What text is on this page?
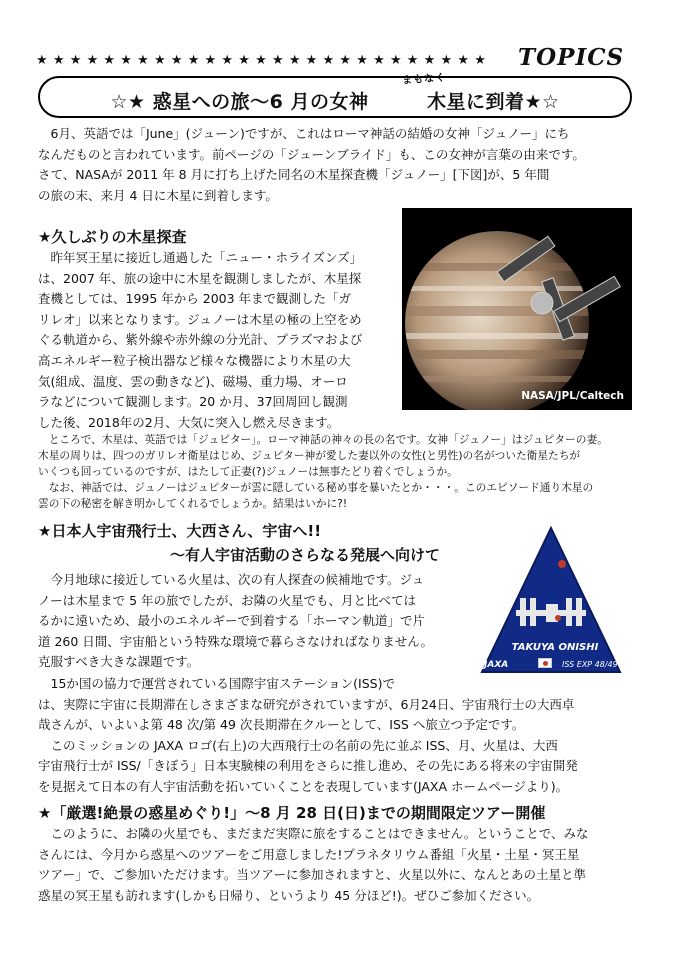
★★★★★★★★★★★★★★★★★★★★★★★★★★★	TOPICS
まもなく
☆★ 惑星への旅～6 月の女神　　　木星に到着★☆
　6月、英語では「June」(ジューン)ですが、これはローマ神話の結婚の女神「ジュノー」にち
なんだものと言われています。前ページの「ジューンブライド」も、この女神が言葉の由来です。
さて、NASAが 2011 年 8 月に打ち上げた同名の木星探査機「ジュノー」[下図]が、5 年間
の旅の末、来月 4 日に木星に到着します。
★久しぶりの木星探査
　昨年冥王星に接近し通過した「ニュー・ホライズンズ」
は、2007 年、旅の途中に木星を観測しましたが、木星探
査機としては、1995 年から 2003 年まで観測した「ガ
リレオ」以来となります。ジュノーは木星の極の上空をめ
ぐる軌道から、紫外線や赤外線の分光計、プラズマおよび
高エネルギー粒子検出器など様々な機器により木星の大
気(組成、温度、雲の動きなど)、磁場、重力場、オーロ
ラなどについて観測します。20 か月、37回周回し観測
した後、2018年の2月、大気に突入し燃え尽きます。
NASA/JPL/Caltech
　ところで、木星は、英語では「ジュピター」。ローマ神話の神々の長の名です。女神「ジュノー」はジュピターの妻。
木星の周りは、四つのガリレオ衛星はじめ、ジュピター神が愛した妻以外の女性(と男性)の名がついた衛星たちが
いくつも回っているのですが、はたして正妻(?)ジュノーは無事たどり着くでしょうか。
　なお、神話では、ジュノーはジュピターが雲に隠している秘め事を暴いたとか・・・。このエピソード通り木星の
雲の下の秘密を解き明かしてくれるでしょうか。結果はいかに?!
★日本人宇宙飛行士、大西さん、宇宙へ!!
～有人宇宙活動のさらなる発展へ向けて
　今月地球に接近している火星は、次の有人探査の候補地です。ジュ
ノーは木星まで 5 年の旅でしたが、お隣の火星でも、月と比べては
るかに遠いため、最小のエネルギーで到着する「ホーマン軌道」で片
道 260 日間、宇宙船という特殊な環境で暮らさなければなりません。
克服すべき大きな課題です。
　15か国の協力で運営されている国際宇宙ステーション(ISS)で
は、実際に宇宙に長期滞在しさまざまな研究がされていますが、6月24日、宇宙飛行士の大西卓
哉さんが、いよいよ第 48 次/第 49 次長期滞在クルーとして、ISS へ旅立つ予定です。
　このミッションの JAXA ロゴ(右上)の大西飛行士の名前の先に並ぶ ISS、月、火星は、大西
宇宙飛行士が ISS/「きぼう」日本実験棟の利用をさらに推し進め、その先にある将来の宇宙開発
を見据えて日本の有人宇宙活動を拓いていくことを表現しています(JAXA ホームページより)。
TAKUYA ONISHI
JAXA	ISS EXP 48/49
★「厳選!絶景の惑星めぐり!」～8 月 28 日(日)までの期間限定ツアー開催
　このように、お隣の火星でも、まだまだ実際に旅をすることはできません。ということで、みな
さんには、今月から惑星へのツアーをご用意しました!プラネタリウム番組「火星・土星・冥王星
ツアー」で、ご参加いただけます。当ツアーに参加されますと、火星以外に、なんとあの土星と準
惑星の冥王星も訪れます(しかも日帰り、というより 45 分ほど!)。ぜひご参加ください。
